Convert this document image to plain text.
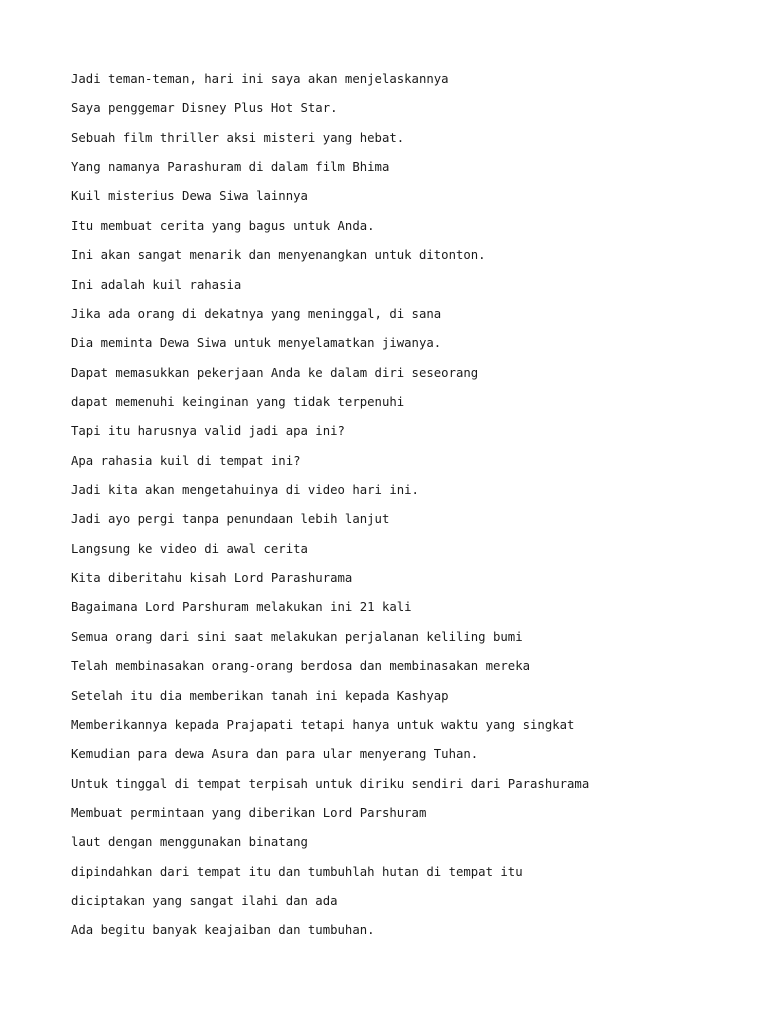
Jadi teman-teman, hari ini saya akan menjelaskannya
Saya penggemar Disney Plus Hot Star.
Sebuah film thriller aksi misteri yang hebat.
Yang namanya Parashuram di dalam film Bhima
Kuil misterius Dewa Siwa lainnya
Itu membuat cerita yang bagus untuk Anda.
Ini akan sangat menarik dan menyenangkan untuk ditonton.
Ini adalah kuil rahasia
Jika ada orang di dekatnya yang meninggal, di sana
Dia meminta Dewa Siwa untuk menyelamatkan jiwanya.
Dapat memasukkan pekerjaan Anda ke dalam diri seseorang
dapat memenuhi keinginan yang tidak terpenuhi
Tapi itu harusnya valid jadi apa ini?
Apa rahasia kuil di tempat ini?
Jadi kita akan mengetahuinya di video hari ini.
Jadi ayo pergi tanpa penundaan lebih lanjut
Langsung ke video di awal cerita
Kita diberitahu kisah Lord Parashurama
Bagaimana Lord Parshuram melakukan ini 21 kali
Semua orang dari sini saat melakukan perjalanan keliling bumi
Telah membinasakan orang-orang berdosa dan membinasakan mereka
Setelah itu dia memberikan tanah ini kepada Kashyap
Memberikannya kepada Prajapati tetapi hanya untuk waktu yang singkat
Kemudian para dewa Asura dan para ular menyerang Tuhan.
Untuk tinggal di tempat terpisah untuk diriku sendiri dari Parashurama
Membuat permintaan yang diberikan Lord Parshuram
laut dengan menggunakan binatang
dipindahkan dari tempat itu dan tumbuhlah hutan di tempat itu
diciptakan yang sangat ilahi dan ada
Ada begitu banyak keajaiban dan tumbuhan.
